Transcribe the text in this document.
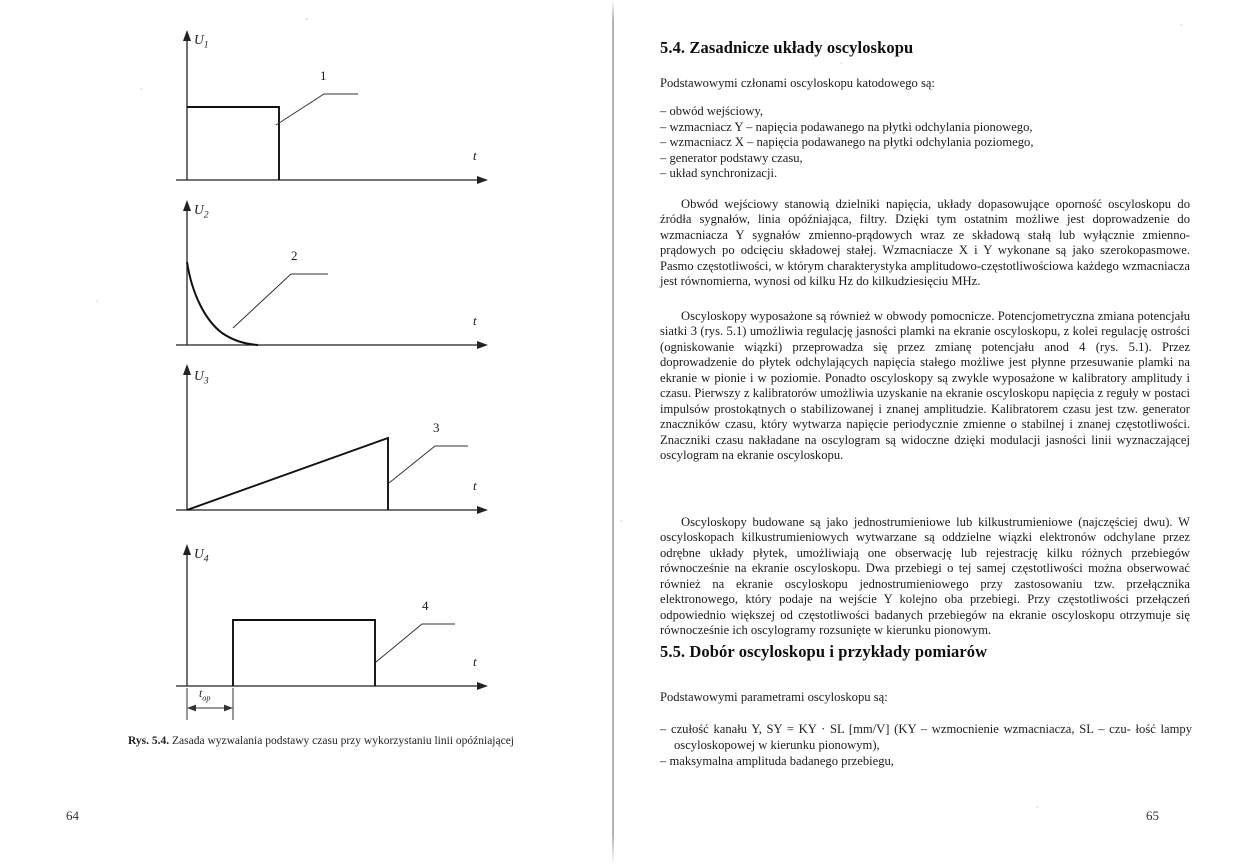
$U_1$
1
t
$U_2$
2
t
$U_3$
3
t
$U_4$
4
t
$t_{op}$
Rys. 5.4. Zasada wyzwalania podstawy czasu przy wykorzystaniu linii opóźniającej
64
5.4. Zasadnicze układy oscyloskopu
Podstawowymi członami oscyloskopu katodowego są:
– obwód wejściowy,
– wzmacniacz Y – napięcia podawanego na płytki odchylania pionowego,
– wzmacniacz X – napięcia podawanego na płytki odchylania poziomego,
– generator podstawy czasu,
– układ synchronizacji.

Obwód wejściowy stanowią dzielniki napięcia, układy dopasowujące oporność oscyloskopu do źródła sygnałów, linia opóźniająca, filtry. Dzięki tym ostatnim możliwe jest doprowadzenie do wzmacniacza Y sygnałów zmienno-prądowych wraz ze składową stałą lub wyłącznie zmienno-prądowych po odcięciu składowej stałej. Wzmacniacze X i Y wykonane są jako szerokopasmowe. Pasmo częstotliwości, w którym charakterystyka amplitudowo-częstotliwościowa każdego wzmacniacza jest równomierna, wynosi od kilku Hz do kilkudziesięciu MHz.

Oscyloskopy wyposażone są również w obwody pomocnicze. Potencjometryczna zmiana potencjału siatki 3 (rys. 5.1) umożliwia regulację jasności plamki na ekranie oscyloskopu, z kolei regulację ostrości (ogniskowanie wiązki) przeprowadza się przez zmianę potencjału anod 4 (rys. 5.1). Przez doprowadzenie do płytek odchylających napięcia stałego możliwe jest płynne przesuwanie plamki na ekranie w pionie i w poziomie. Ponadto oscyloskopy są zwykle wyposażone w kalibratory amplitudy i czasu. Pierwszy z kalibratorów umożliwia uzyskanie na ekranie oscyloskopu napięcia z reguły w postaci impulsów prostokątnych o stabilizowanej i znanej amplitudzie. Kalibratorem czasu jest tzw. generator znaczników czasu, który wytwarza napięcie periodycznie zmienne o stabilnej i znanej częstotliwości. Znaczniki czasu nakładane na oscylogram są widoczne dzięki modulacji jasności linii wyznaczającej oscylogram na ekranie oscyloskopu.

Oscyloskopy budowane są jako jednostrumieniowe lub kilkustrumieniowe (najczęściej dwu). W oscyloskopach kilkustrumieniowych wytwarzane są oddzielne wiązki elektronów odchylane przez odrębne układy płytek, umożliwiają one obserwację lub rejestrację kilku różnych przebiegów równocześnie na ekranie oscyloskopu. Dwa przebiegi o tej samej częstotliwości można obserwować również na ekranie oscyloskopu jednostrumieniowego przy zastosowaniu tzw. przełącznika elektronowego, który podaje na wejście Y kolejno oba przebiegi. Przy częstotliwości przełączeń odpowiednio większej od częstotliwości badanych przebiegów na ekranie oscyloskopu otrzymuje się równocześnie ich oscylogramy rozsunięte w kierunku pionowym.

5.5. Dobór oscyloskopu i przykłady pomiarów
Podstawowymi parametrami oscyloskopu są:
– czułość kanału Y, SY = KY · SL [mm/V] (KY – wzmocnienie wzmacniacza, SL – czu- łość lampy oscyloskopowej w kierunku pionowym),
– maksymalna amplituda badanego przebiegu,
65
